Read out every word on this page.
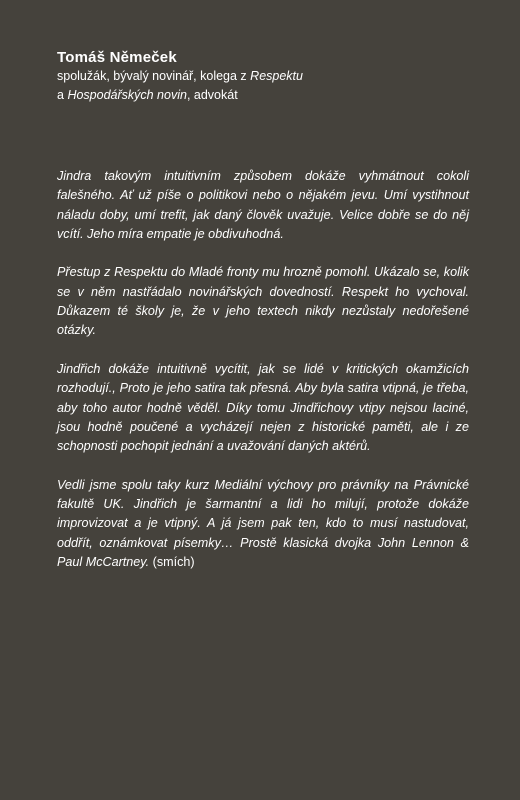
Tomáš Němeček

spolužák, bývalý novinář, kolega z Respektu

a Hospodářských novin, advokát

Jindra takovým intuitivním způsobem dokáže vyhmátnout cokoli falešného. Ať už píše o politikovi nebo o nějakém jevu. Umí vystihnout náladu doby, umí trefit, jak daný člověk uvažuje. Velice dobře se do něj vcítí. Jeho míra empatie je obdivuhodná.

Přestup z Respektu do Mladé fronty mu hrozně pomohl. Ukázalo se, kolik se v něm nastřádalo novinářských dovedností. Respekt ho vychoval. Důkazem té školy je, že v jeho textech nikdy nezůstaly nedořešené otázky.

Jindřich dokáže intuitivně vycítit, jak se lidé v kritických okamžicích rozhodují., Proto je jeho satira tak přesná. Aby byla satira vtipná, je třeba, aby toho autor hodně věděl. Díky tomu Jindřichovy vtipy nejsou laciné, jsou hodně poučené a vycházejí nejen z historické paměti, ale i ze schopnosti pochopit jednání a uvažování daných aktérů.

Vedli jsme spolu taky kurz Mediální výchovy pro právníky na Právnické fakultě UK. Jindřich je šarmantní a lidi ho milují, protože dokáže improvizovat a je vtipný. A já jsem pak ten, kdo to musí nastudovat, oddřít, oznámkovat písemky… Prostě klasická dvojka John Lennon & Paul McCartney. (smích)
